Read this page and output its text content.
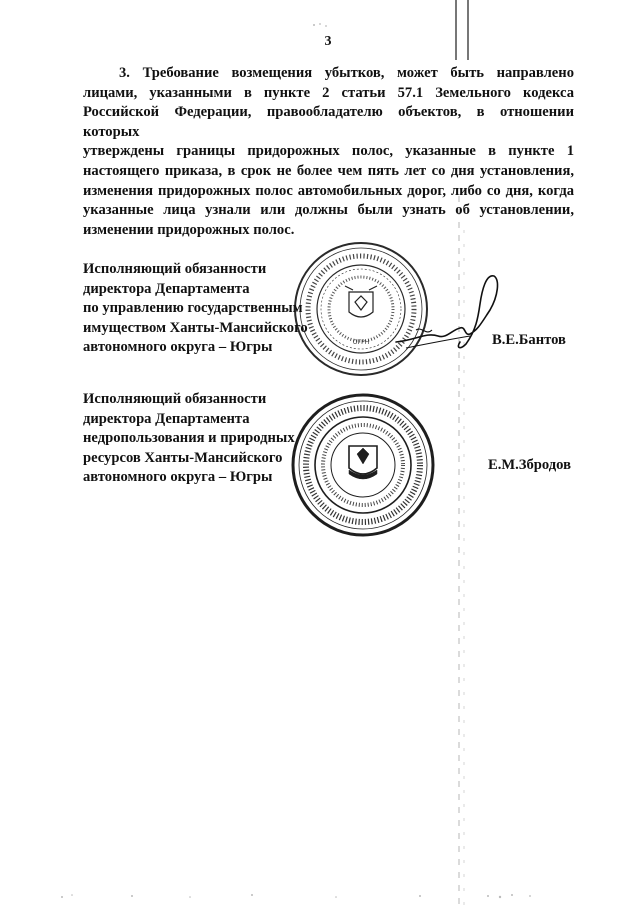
3
3. Требование возмещения убытков, может быть направлено
лицами, указанными в пункте 2 статьи 57.1 Земельного кодекса
Российской Федерации, правообладателю объектов, в отношении которых
утверждены границы придорожных полос, указанные в пункте 1
настоящего приказа, в срок не более чем пять лет со дня установления,
изменения придорожных полос автомобильных дорог, либо со дня, когда
указанные лица узнали или должны были узнать об установлении,
изменении придорожных полос.
ОГРН
Исполняющий обязанности
директора Департамента
по управлению государственным
имуществом Ханты-Мансийского
автономного округа – Югры	В.Е.Бантов
Исполняющий обязанности
директора Департамента
недропользования и природных
ресурсов Ханты-Мансийского
автономного округа – Югры
Е.М.Збродов
